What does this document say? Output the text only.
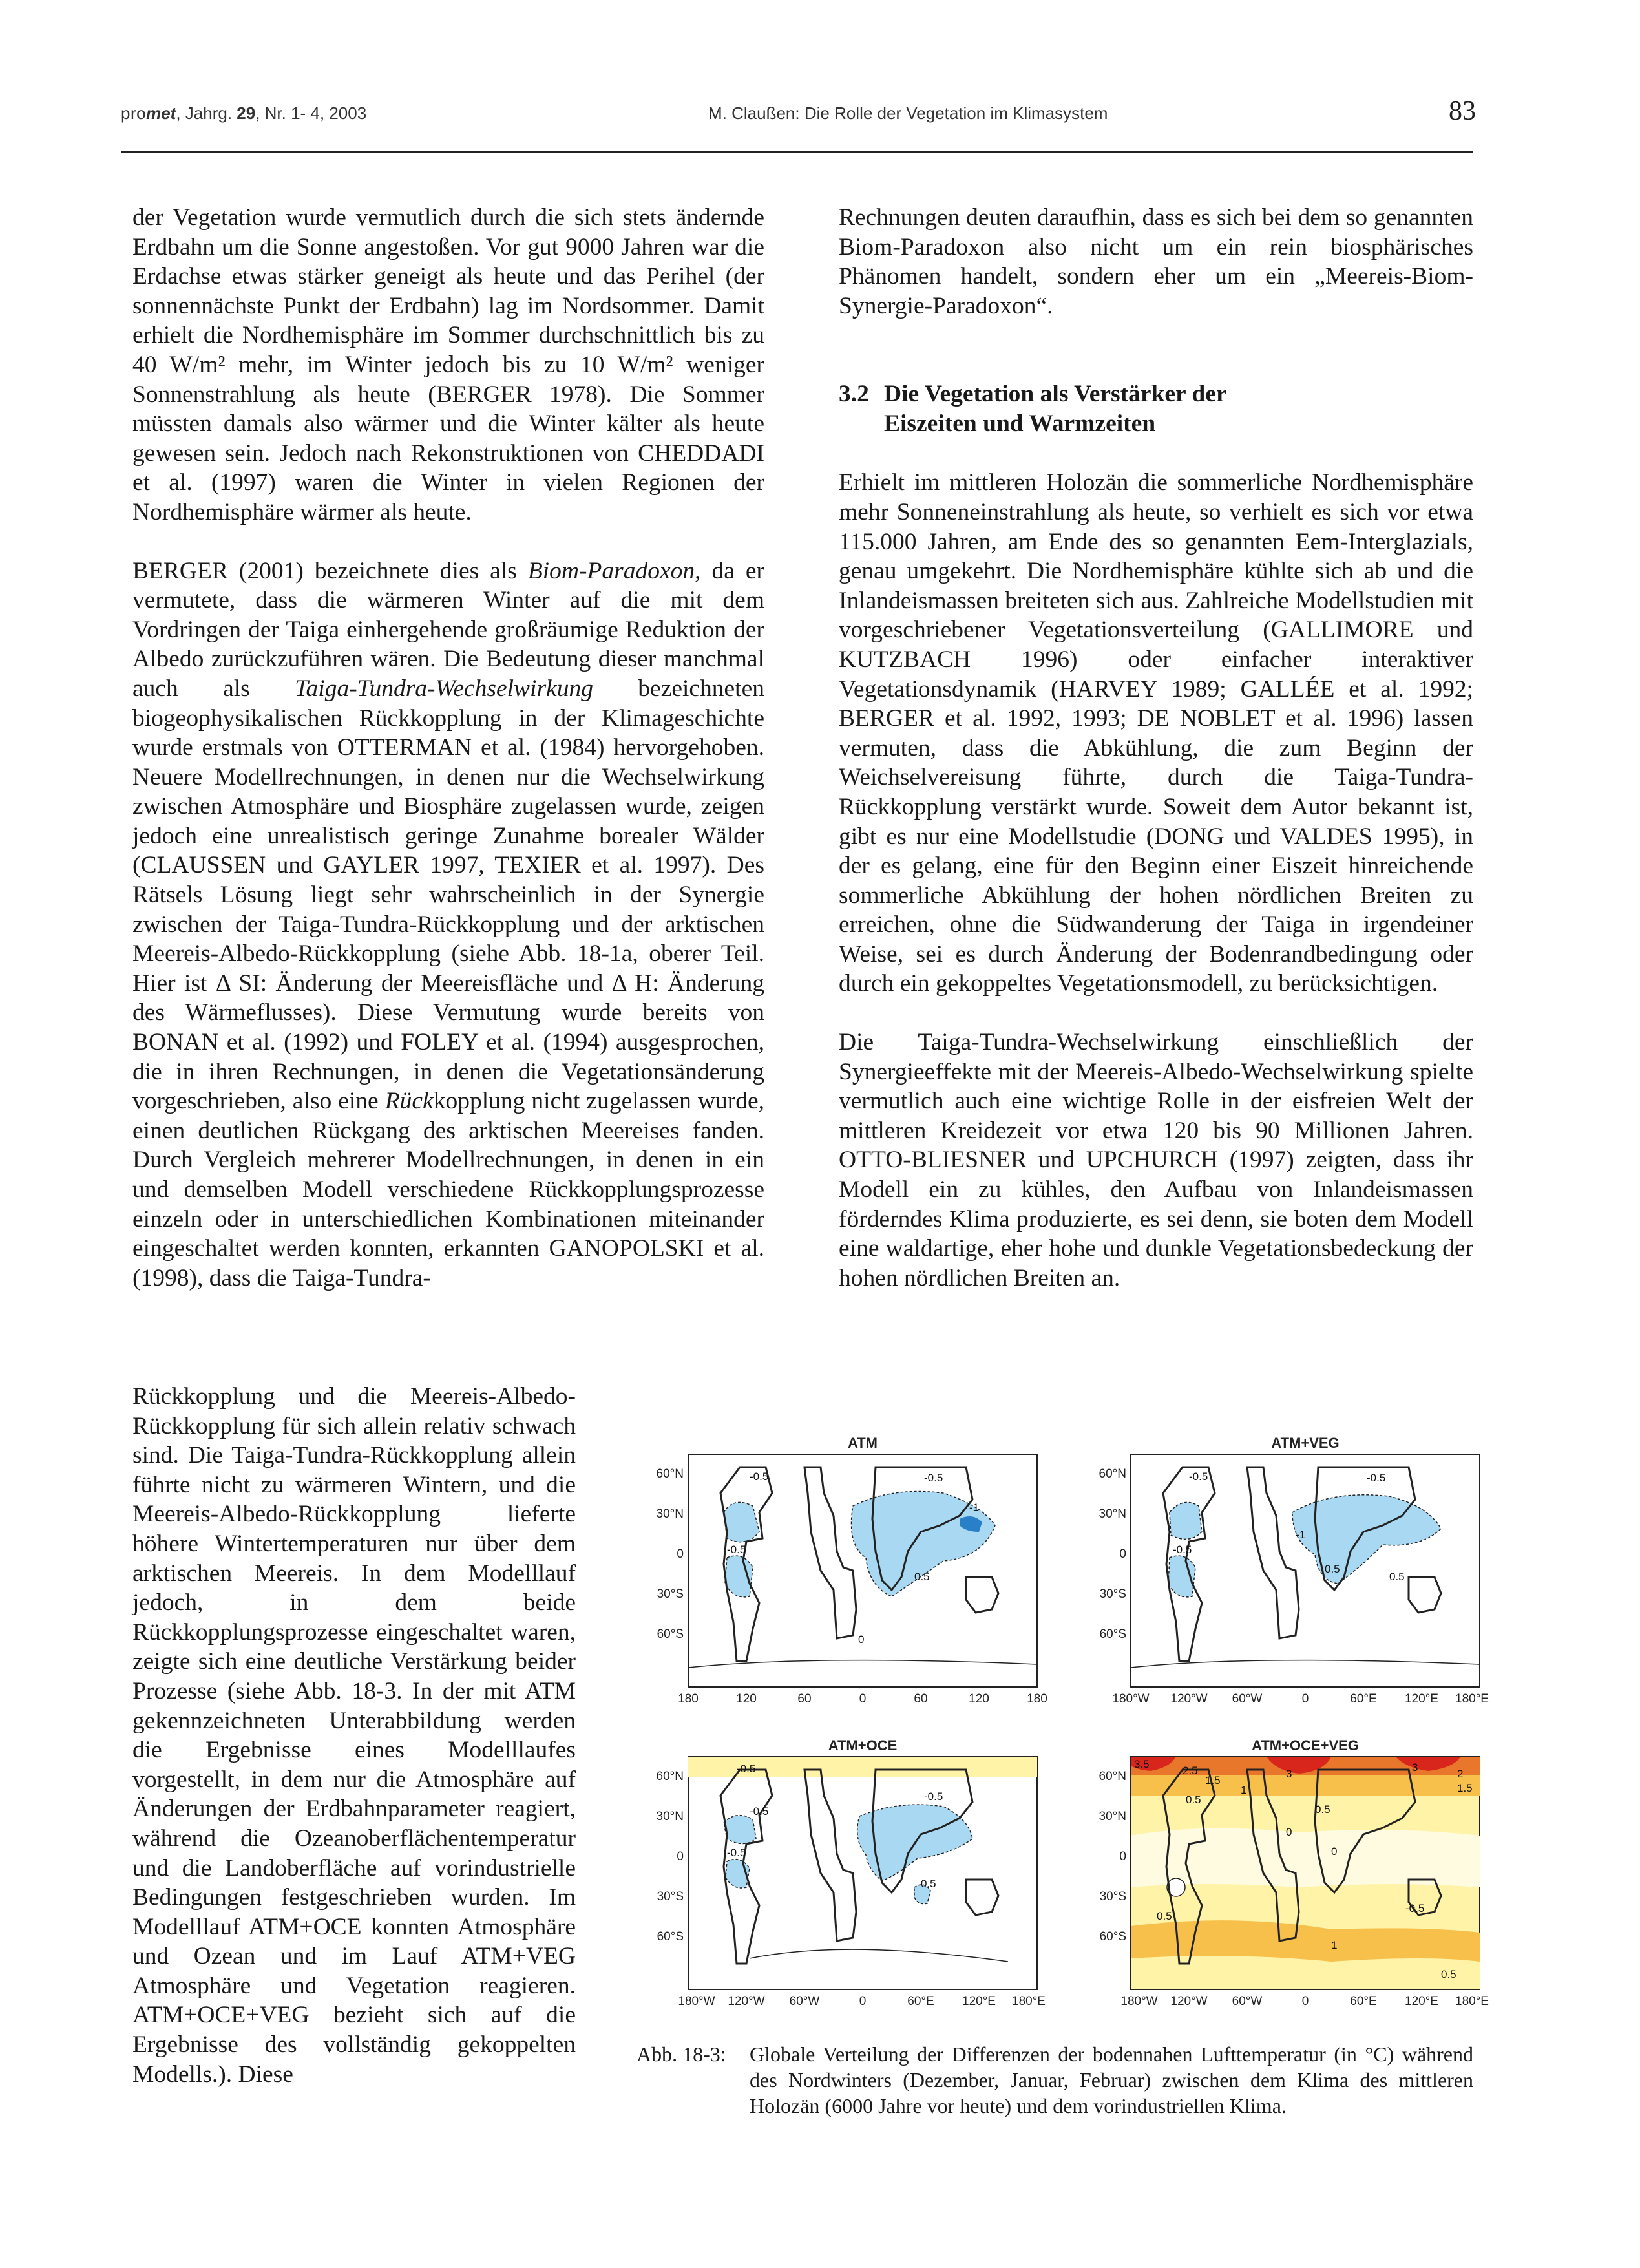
promet, Jahrg. 29, Nr. 1- 4, 2003	M. Claußen: Die Rolle der Vegetation im Klimasystem	83

der Vegetation wurde vermutlich durch die sich stets ändernde Erdbahn um die Sonne angestoßen. Vor gut 9000 Jahren war die Erdachse etwas stärker geneigt als heute und das Perihel (der sonnennächste Punkt der Erdbahn) lag im Nordsommer. Damit erhielt die Nordhemisphäre im Sommer durchschnittlich bis zu 40 W/m² mehr, im Winter jedoch bis zu 10 W/m² weniger Sonnenstrahlung als heute (BERGER 1978). Die Sommer müssten damals also wärmer und die Winter kälter als heute gewesen sein. Jedoch nach Rekonstruktionen von CHEDDADI et al. (1997) waren die Winter in vielen Regionen der Nordhemisphäre wärmer als heute.

BERGER (2001) bezeichnete dies als Biom-Paradoxon, da er vermutete, dass die wärmeren Winter auf die mit dem Vordringen der Taiga einhergehende großräumige Reduktion der Albedo zurückzuführen wären. Die Bedeutung dieser manchmal auch als Taiga-Tundra-Wechselwirkung bezeichneten biogeophysikalischen Rückkopplung in der Klimageschichte wurde erstmals von OTTERMAN et al. (1984) hervorgehoben. Neuere Modellrechnungen, in denen nur die Wechselwirkung zwischen Atmosphäre und Biosphäre zugelassen wurde, zeigen jedoch eine unrealistisch geringe Zunahme borealer Wälder (CLAUSSEN und GAYLER 1997, TEXIER et al. 1997). Des Rätsels Lösung liegt sehr wahrscheinlich in der Synergie zwischen der Taiga-Tundra-Rückkopplung und der arktischen Meereis-Albedo-Rückkopplung (siehe Abb. 18-1a, oberer Teil. Hier ist Δ SI: Änderung der Meereisfläche und Δ H: Änderung des Wärmeflusses). Diese Vermutung wurde bereits von BONAN et al. (1992) und FOLEY et al. (1994) ausgesprochen, die in ihren Rechnungen, in denen die Vegetationsänderung vorgeschrieben, also eine Rückkopplung nicht zugelassen wurde, einen deutlichen Rückgang des arktischen Meereises fanden. Durch Vergleich mehrerer Modellrechnungen, in denen in ein und demselben Modell verschiedene Rückkopplungsprozesse einzeln oder in unterschiedlichen Kombinationen miteinander eingeschaltet werden konnten, erkannten GANOPOLSKI et al. (1998), dass die Taiga-Tundra-

Rückkopplung und die Meereis-Albedo-Rückkopplung für sich allein relativ schwach sind. Die Taiga-Tundra-Rückkopplung allein führte nicht zu wärmeren Wintern, und die Meereis-Albedo-Rückkopplung lieferte höhere Wintertemperaturen nur über dem arktischen Meereis. In dem Modelllauf jedoch, in dem beide Rückkopplungsprozesse eingeschaltet waren, zeigte sich eine deutliche Verstärkung beider Prozesse (siehe Abb. 18-3. In der mit ATM gekennzeichneten Unterabbildung werden die Ergebnisse eines Modelllaufes vorgestellt, in dem nur die Atmosphäre auf Änderungen der Erdbahnparameter reagiert, während die Ozeanoberflächentemperatur und die Landoberfläche auf vorindustrielle Bedingungen festgeschrieben wurden. Im Modelllauf ATM+OCE konnten Atmosphäre und Ozean und im Lauf ATM+VEG Atmosphäre und Vegetation reagieren. ATM+OCE+VEG bezieht sich auf die Ergebnisse des vollständig gekoppelten Modells.). Diese

Rechnungen deuten daraufhin, dass es sich bei dem so genannten Biom-Paradoxon also nicht um ein rein biosphärisches Phänomen handelt, sondern eher um ein „Meereis-Biom-Synergie-Paradoxon“.

3.2 Die Vegetation als Verstärker der
Eiszeiten und Warmzeiten

Erhielt im mittleren Holozän die sommerliche Nordhemisphäre mehr Sonneneinstrahlung als heute, so verhielt es sich vor etwa 115.000 Jahren, am Ende des so genannten Eem-Interglazials, genau umgekehrt. Die Nordhemisphäre kühlte sich ab und die Inlandeismassen breiteten sich aus. Zahlreiche Modellstudien mit vorgeschriebener Vegetationsverteilung (GALLIMORE und KUTZBACH 1996) oder einfacher interaktiver Vegetationsdynamik (HARVEY 1989; GALLÉE et al. 1992; BERGER et al. 1992, 1993; DE NOBLET et al. 1996) lassen vermuten, dass die Abkühlung, die zum Beginn der Weichselvereisung führte, durch die Taiga-Tundra-Rückkopplung verstärkt wurde. Soweit dem Autor bekannt ist, gibt es nur eine Modellstudie (DONG und VALDES 1995), in der es gelang, eine für den Beginn einer Eiszeit hinreichende sommerliche Abkühlung der hohen nördlichen Breiten zu erreichen, ohne die Südwanderung der Taiga in irgendeiner Weise, sei es durch Änderung der Bodenrandbedingung oder durch ein gekoppeltes Vegetationsmodell, zu berücksichtigen.

Die Taiga-Tundra-Wechselwirkung einschließlich der Synergieeffekte mit der Meereis-Albedo-Wechselwirkung spielte vermutlich auch eine wichtige Rolle in der eisfreien Welt der mittleren Kreidezeit vor etwa 120 bis 90 Millionen Jahren. OTTO-BLIESNER und UPCHURCH (1997) zeigten, dass ihr Modell ein zu kühles, den Aufbau von Inlandeismassen förderndes Klima produzierte, es sei denn, sie boten dem Modell eine waldartige, eher hohe und dunkle Vegetationsbedeckung der hohen nördlichen Breiten an.

ATM
-0.5	-0.5
-1
-0.5
0.5
0
ATM+VEG
-0.5	-0.5
-1
-0.5
0.5
0.5
ATM+OCE
-0.5
-0.5
-0.5
-0.5
0.5
ATM+OCE+VEG
3.5
2.5
1.5
3
3
2
1.5
1
0.5
0.5
0
0
0.5
-0.5
1
0.5
60°N
30°N
0
30°S
60°S
60°N
30°N
0
30°S
60°S
60°N
30°N
0
30°S
60°S
60°N
30°N
0
30°S
60°S
180	120	60	0	60	120	180	180°W 120°W 60°W	0	60°E 120°E 180°E
180°W 120°W 60°W	0	60°E 120°E 180°E	180°W 120°W 60°W	0	60°E 120°E 180°E
Abb. 18-3:	Globale Verteilung der Differenzen der bodennahen Lufttemperatur (in °C) während des Nordwinters (Dezember, Januar, Februar) zwischen dem Klima des mittleren Holozän (6000 Jahre vor heute) und dem vorindustriellen Klima.
